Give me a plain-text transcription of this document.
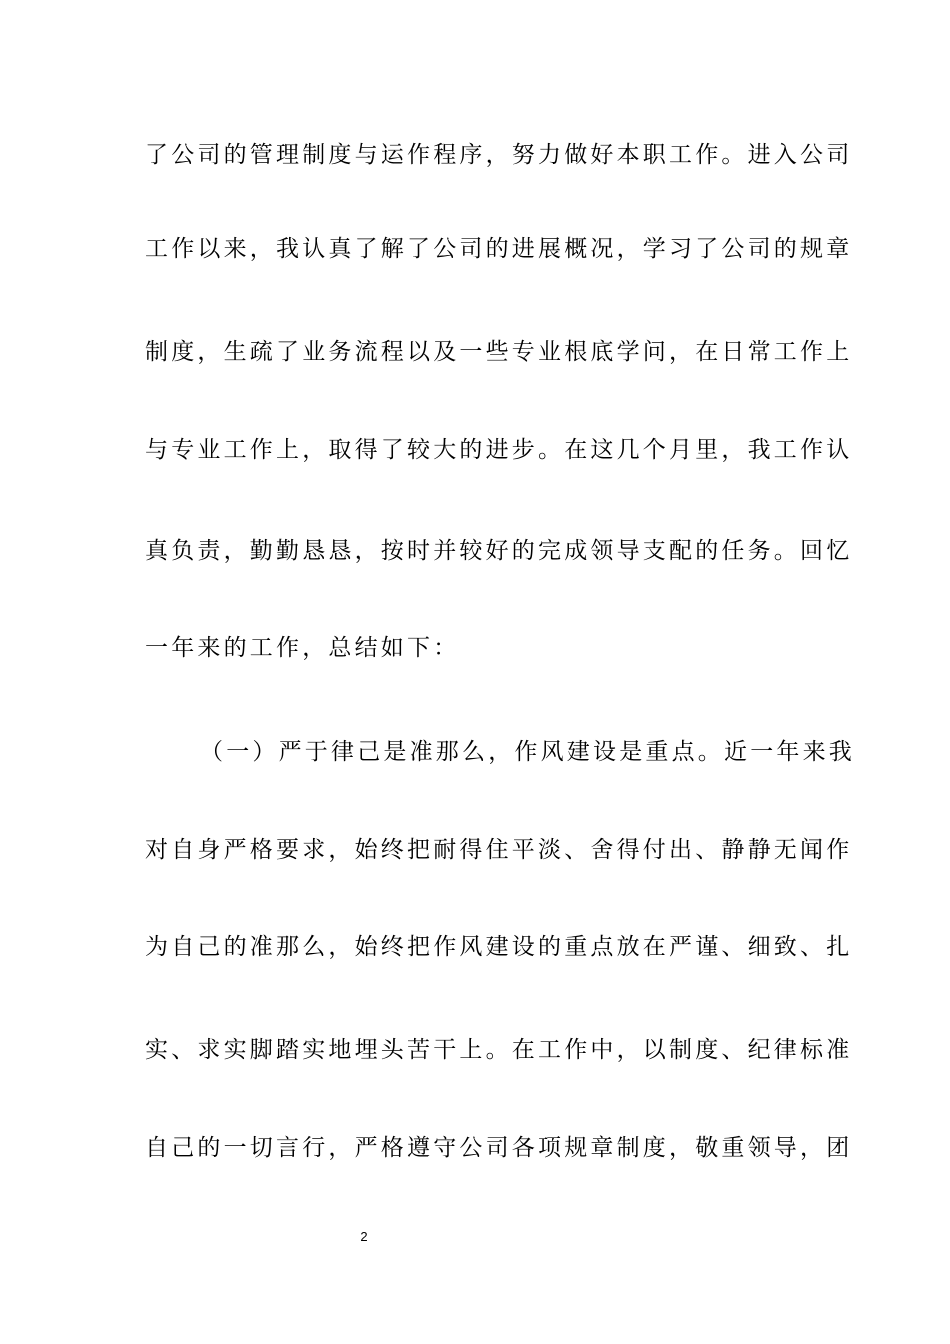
了公司的管理制度与运作程序，努力做好本职工作。进入公司
工作以来，我认真了解了公司的进展概况，学习了公司的规章
制度，生疏了业务流程以及一些专业根底学问，在日常工作上
与专业工作上，取得了较大的进步。在这几个月里，我工作认
真负责，勤勤恳恳，按时并较好的完成领导支配的任务。回忆
一年来的工作，总结如下：
（一）严于律己是准那么，作风建设是重点。近一年来我
对自身严格要求，始终把耐得住平淡、舍得付出、静静无闻作
为自己的准那么，始终把作风建设的重点放在严谨、细致、扎
实、求实脚踏实地埋头苦干上。在工作中，以制度、纪律标准
自己的一切言行，严格遵守公司各项规章制度，敬重领导，团
2
